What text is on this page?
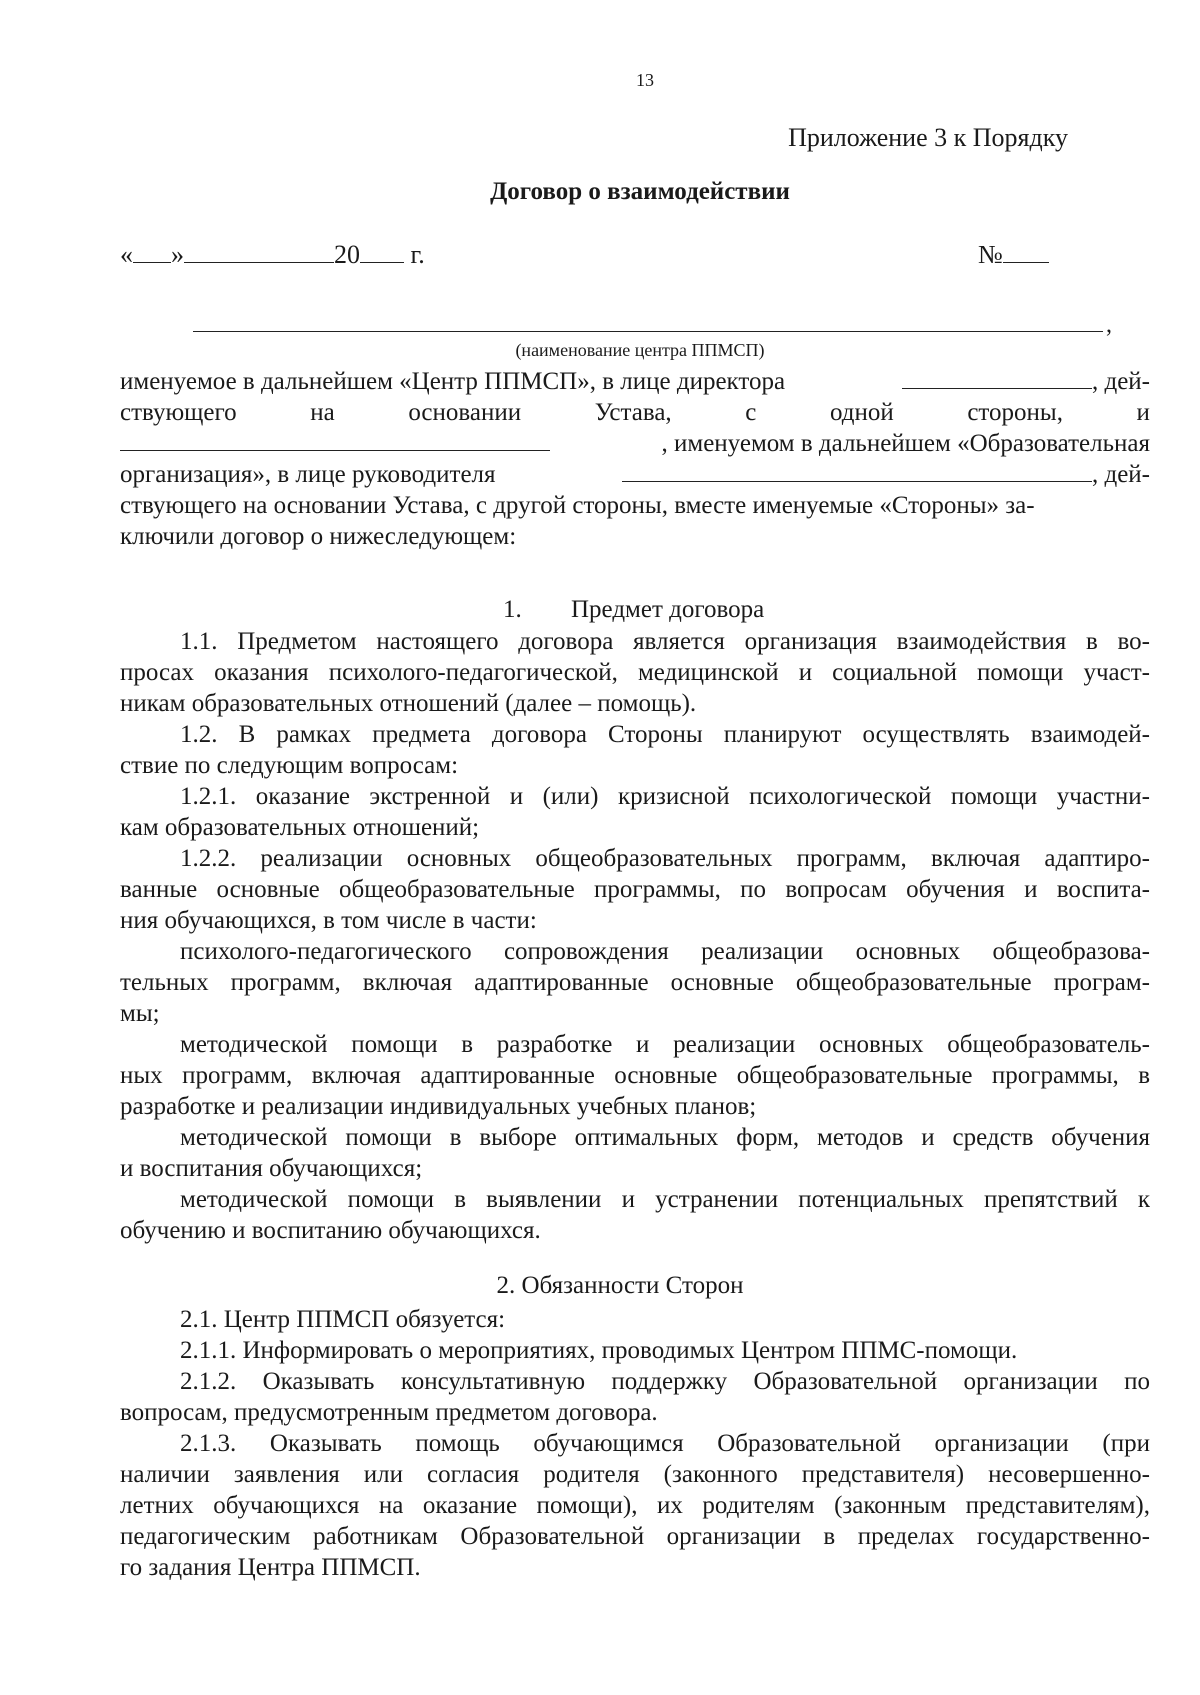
13
Приложение 3 к Порядку
Договор о взаимодействии
« »	20 г.	№
,
(наименование центра ППМСП)
именуемое в дальнейшем «Центр ППМСП», в лице директора	, дей-
ствующего	на	основании	Устава,	с	одной	стороны,	и
, именуемом в дальнейшем «Образовательная
организация», в лице руководителя	, дей-
ствующего на основании Устава, с другой стороны, вместе именуемые «Стороны» за-
ключили договор о нижеследующем:
1. Предмет договора
1.1. Предметом настоящего договора является организация взаимодействия в во-
просах оказания психолого-педагогической, медицинской и социальной помощи участ-
никам образовательных отношений (далее – помощь).
1.2. В рамках предмета договора Стороны планируют осуществлять взаимодей-
ствие по следующим вопросам:
1.2.1. оказание экстренной и (или) кризисной психологической помощи участни-
кам образовательных отношений;
1.2.2. реализации основных общеобразовательных программ, включая адаптиро-
ванные основные общеобразовательные программы, по вопросам обучения и воспита-
ния обучающихся, в том числе в части:
психолого-педагогического сопровождения реализации основных общеобразова-
тельных программ, включая адаптированные основные общеобразовательные програм-
мы;
методической помощи в разработке и реализации основных общеобразователь-
ных программ, включая адаптированные основные общеобразовательные программы, в
разработке и реализации индивидуальных учебных планов;
методической помощи в выборе оптимальных форм, методов и средств обучения
и воспитания обучающихся;
методической помощи в выявлении и устранении потенциальных препятствий к
обучению и воспитанию обучающихся.
2. Обязанности Сторон
2.1. Центр ППМСП обязуется:
2.1.1. Информировать о мероприятиях, проводимых Центром ППМС-помощи.
2.1.2. Оказывать консультативную поддержку Образовательной организации по
вопросам, предусмотренным предметом договора.
2.1.3. Оказывать помощь обучающимся Образовательной организации (при
наличии заявления или согласия родителя (законного представителя) несовершенно-
летних обучающихся на оказание помощи), их родителям (законным представителям),
педагогическим работникам Образовательной организации в пределах государственно-
го задания Центра ППМСП.
